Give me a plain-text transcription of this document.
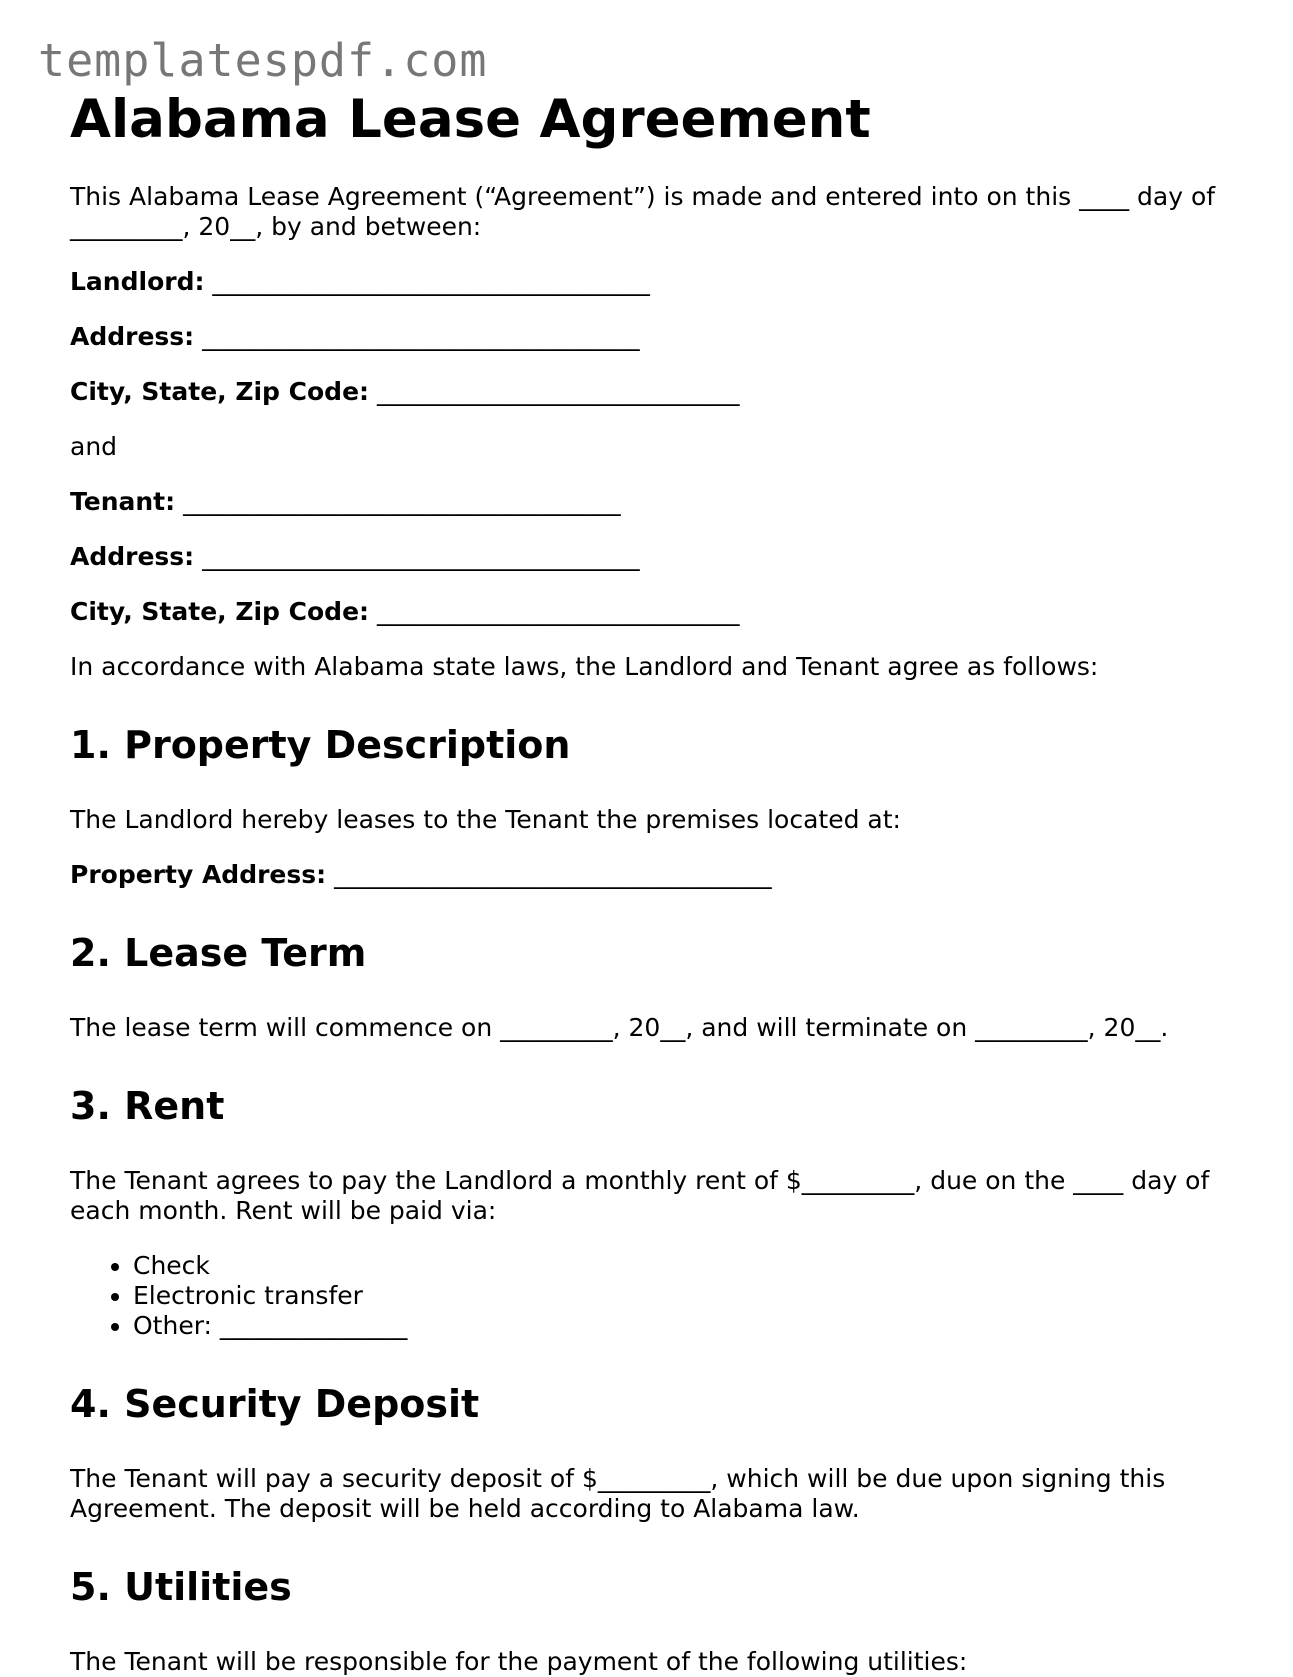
templatespdf.com
Alabama Lease Agreement

This Alabama Lease Agreement (“Agreement”) is made and entered into on this ____ day of _________, 20__, by and between:

Landlord: ___________________________________
Address: ___________________________________
City, State, Zip Code: _____________________________

and

Tenant: ___________________________________
Address: ___________________________________
City, State, Zip Code: _____________________________

In accordance with Alabama state laws, the Landlord and Tenant agree as follows:

1. Property Description

The Landlord hereby leases to the Tenant the premises located at:

Property Address: ___________________________________
2. Lease Term

The lease term will commence on _________, 20__, and will terminate on _________, 20__.

3. Rent

The Tenant agrees to pay the Landlord a monthly rent of $_________, due on the ____ day of each month. Rent will be paid via:

• Check
• Electronic transfer
• Other: _______________
4. Security Deposit

The Tenant will pay a security deposit of $_________, which will be due upon signing this Agreement. The deposit will be held according to Alabama law.

5. Utilities

The Tenant will be responsible for the payment of the following utilities:
